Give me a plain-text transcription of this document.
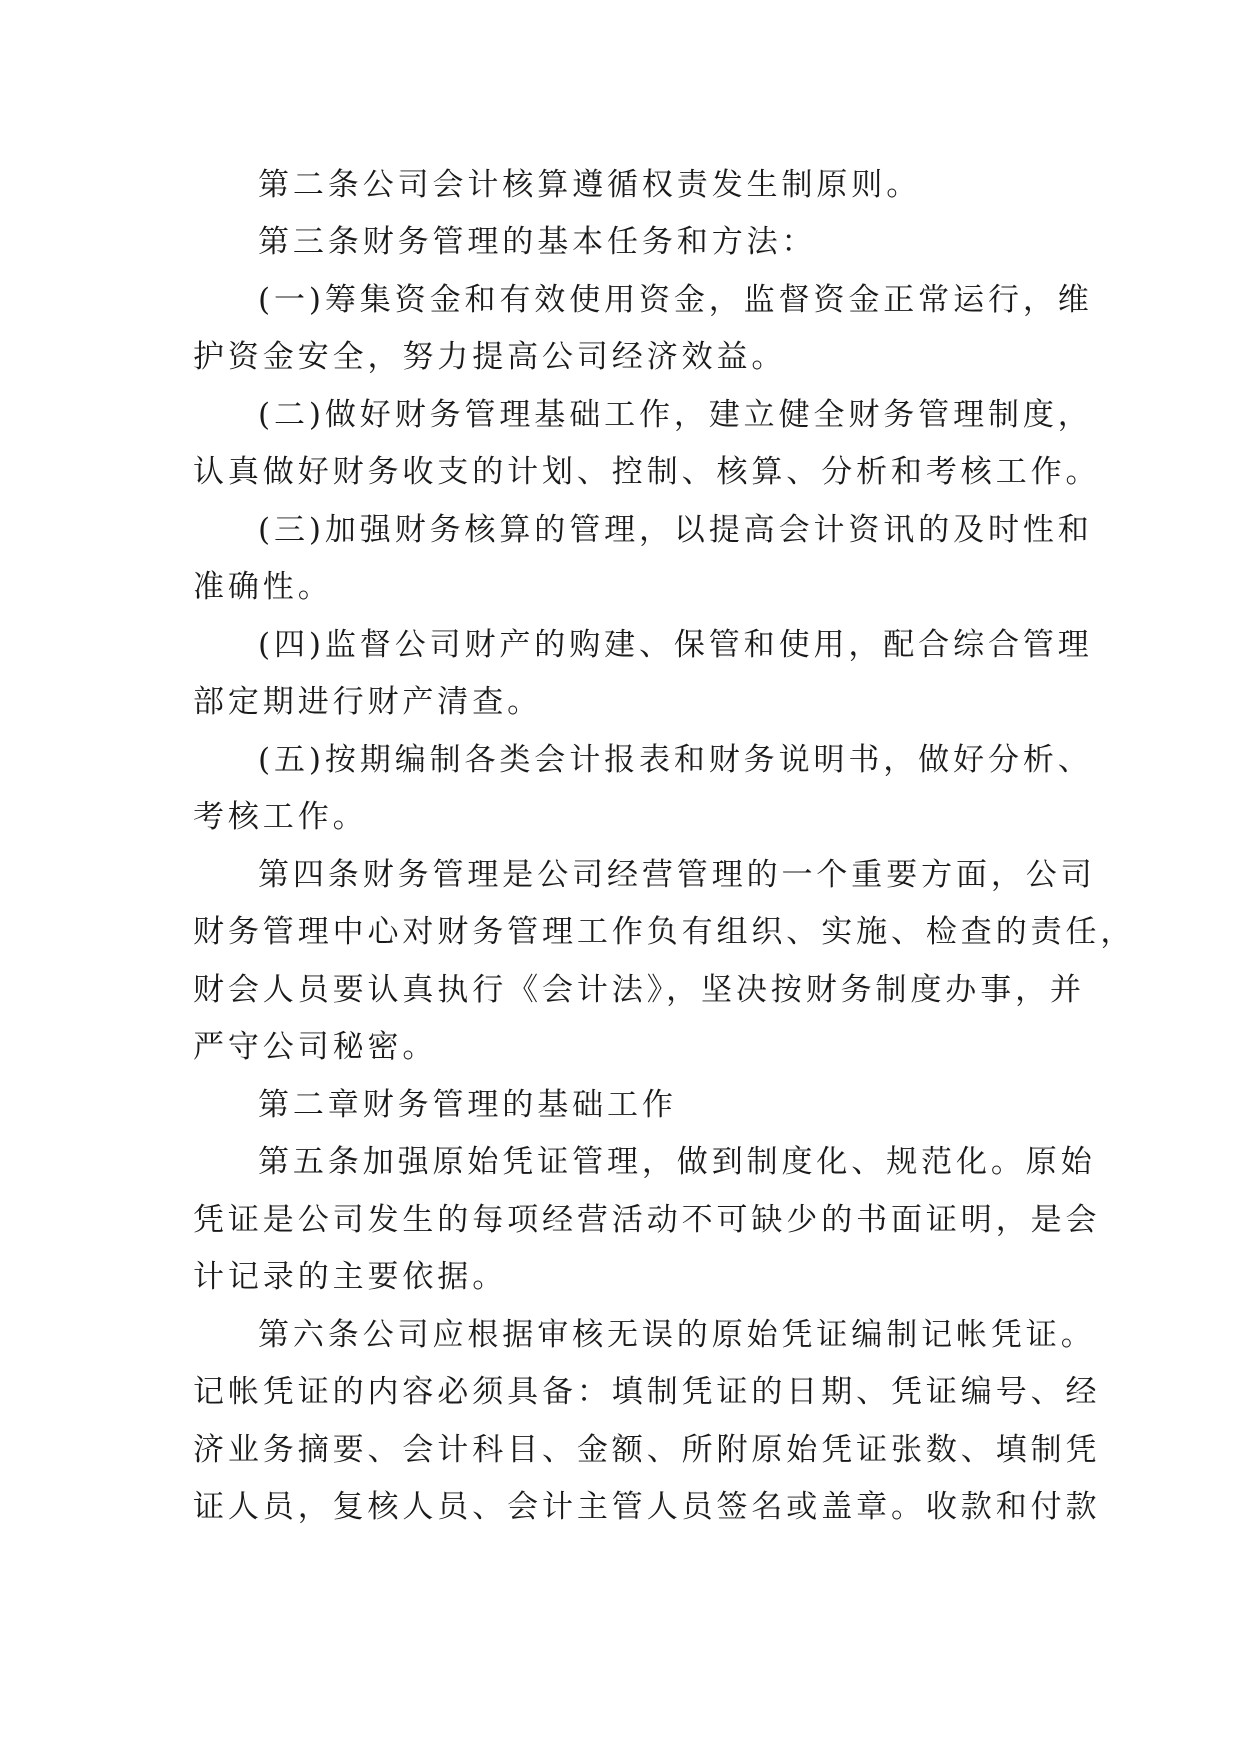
第二条公司会计核算遵循权责发生制原则。
第三条财务管理的基本任务和方法：
(一)筹集资金和有效使用资金，监督资金正常运行，维
护资金安全，努力提高公司经济效益。
(二)做好财务管理基础工作，建立健全财务管理制度，
认真做好财务收支的计划、控制、核算、分析和考核工作。
(三)加强财务核算的管理，以提高会计资讯的及时性和
准确性。
(四)监督公司财产的购建、保管和使用，配合综合管理
部定期进行财产清查。
(五)按期编制各类会计报表和财务说明书，做好分析、
考核工作。
第四条财务管理是公司经营管理的一个重要方面，公司
财务管理中心对财务管理工作负有组织、实施、检查的责任，
财会人员要认真执行《会计法》，坚决按财务制度办事，并
严守公司秘密。
第二章财务管理的基础工作
第五条加强原始凭证管理，做到制度化、规范化。原始
凭证是公司发生的每项经营活动不可缺少的书面证明，是会
计记录的主要依据。
第六条公司应根据审核无误的原始凭证编制记帐凭证。
记帐凭证的内容必须具备：填制凭证的日期、凭证编号、经
济业务摘要、会计科目、金额、所附原始凭证张数、填制凭
证人员，复核人员、会计主管人员签名或盖章。收款和付款
